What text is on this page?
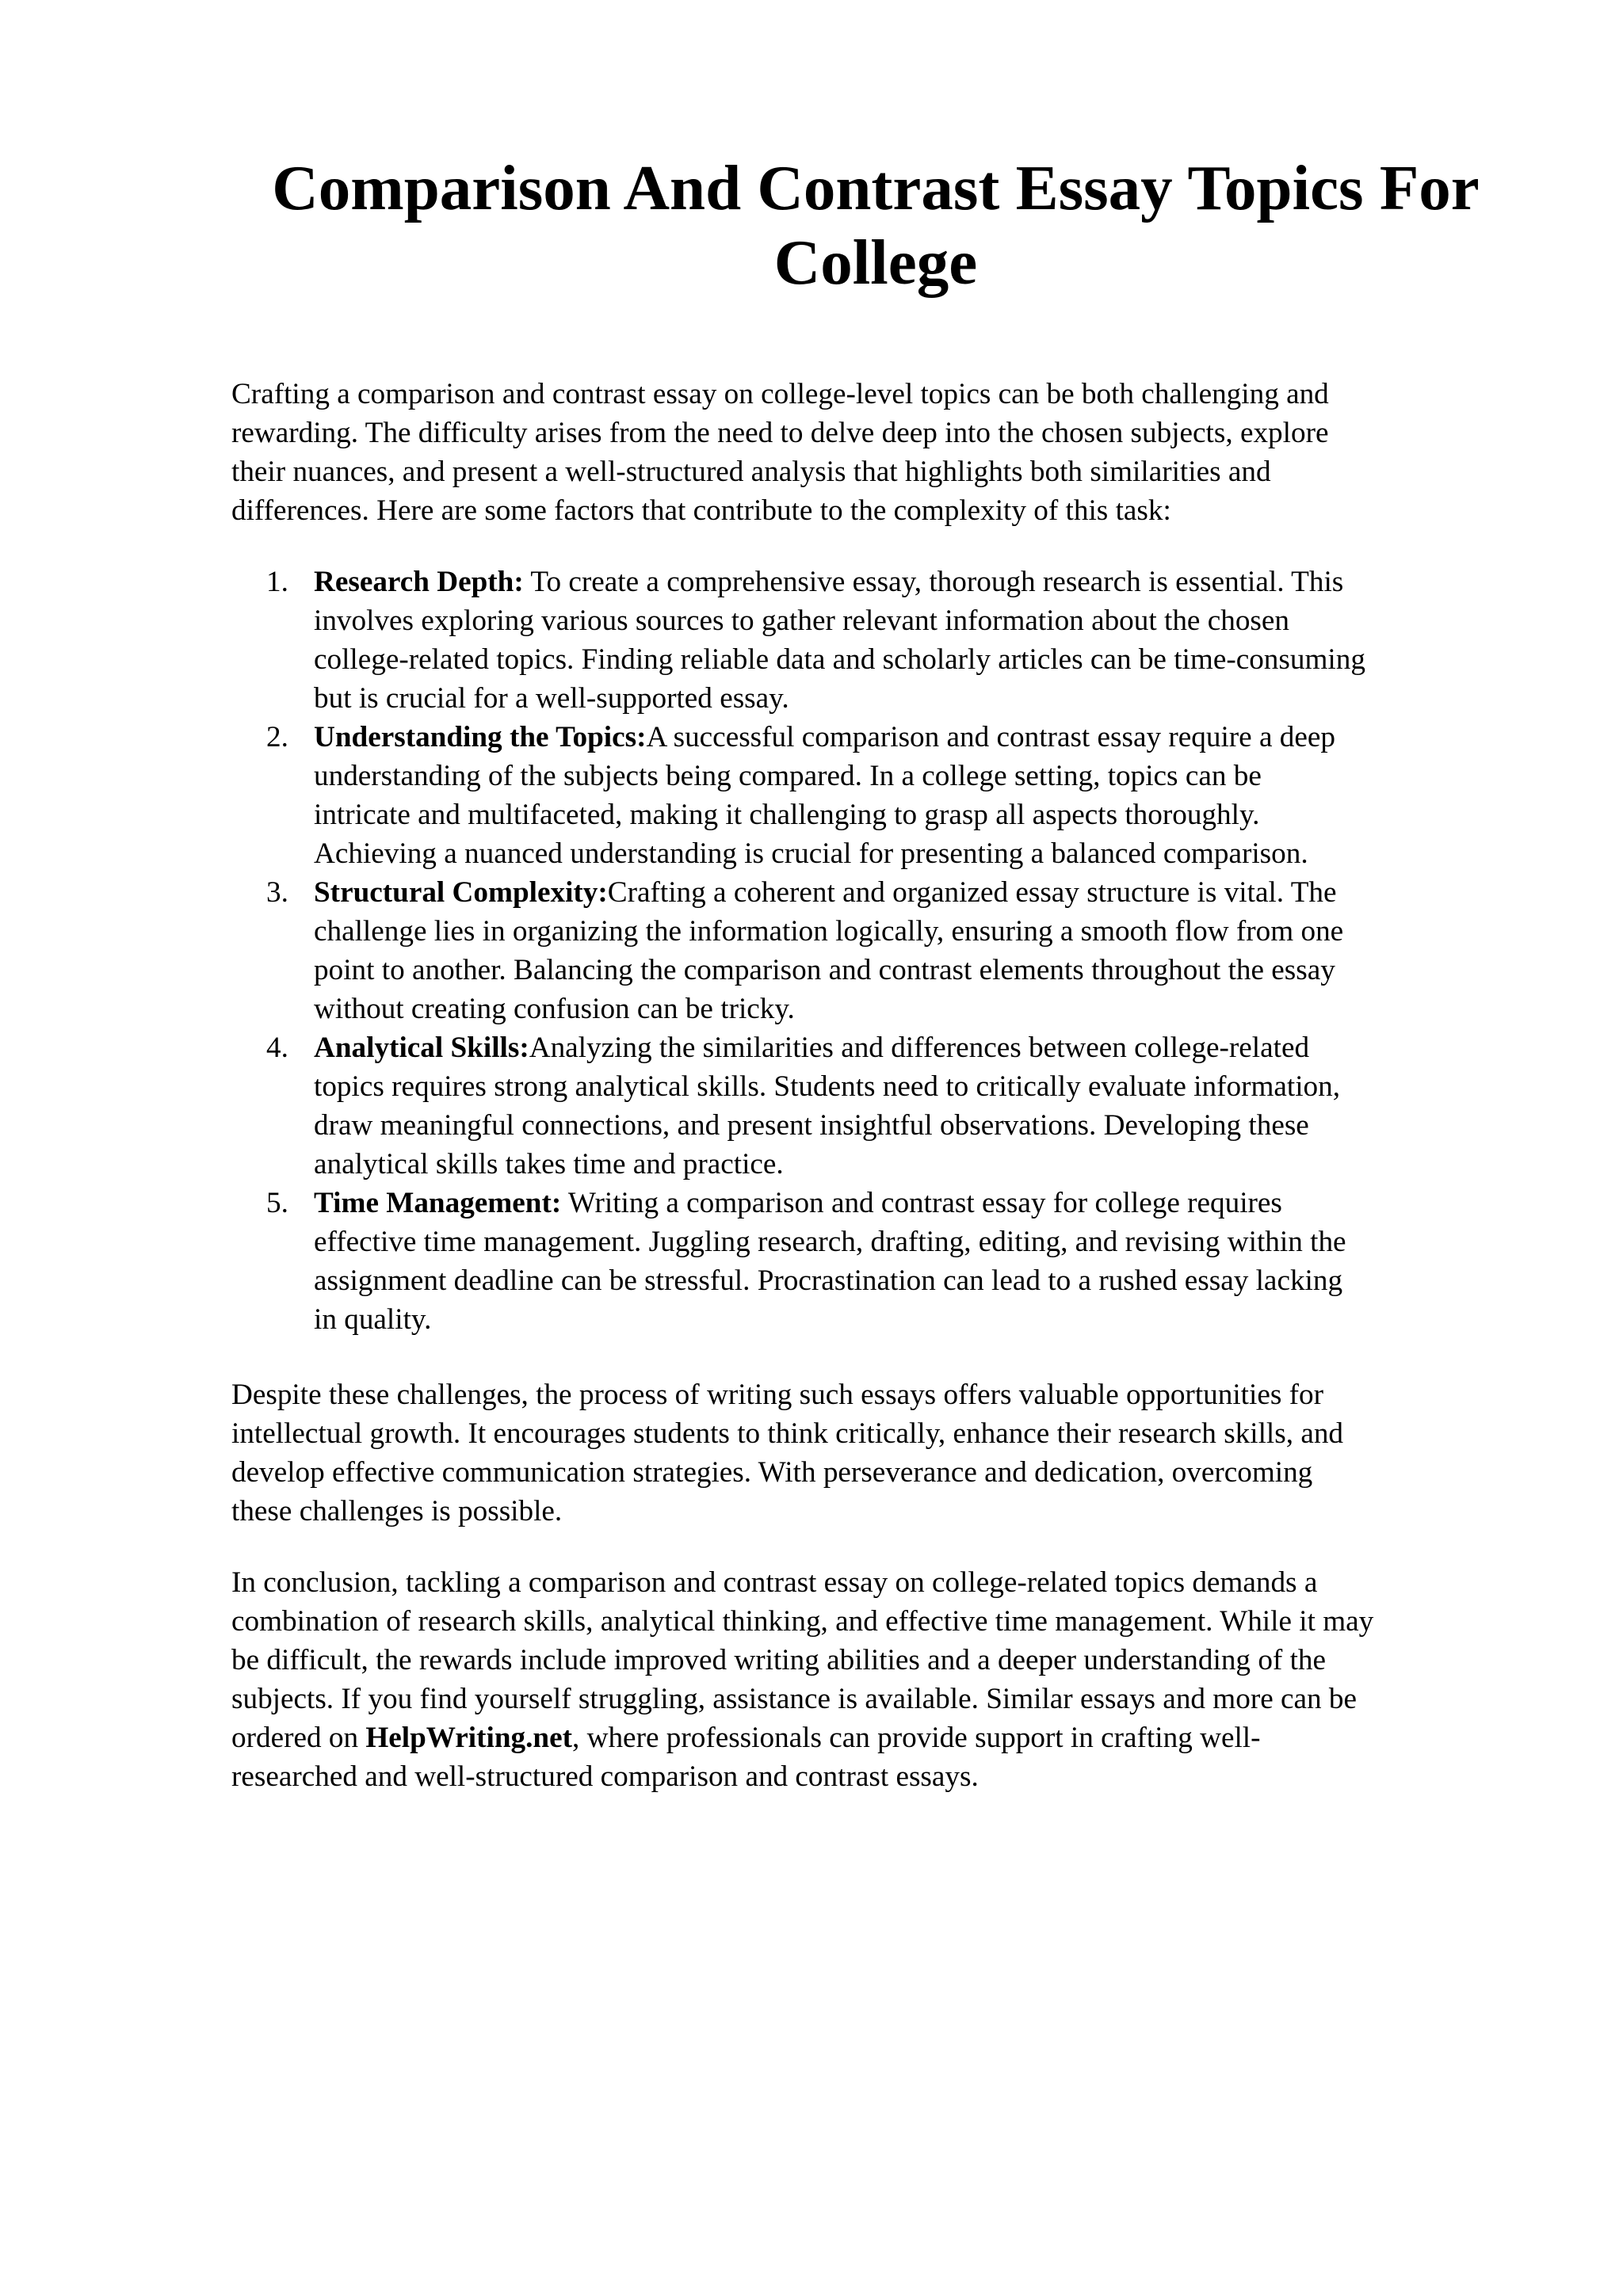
Comparison And Contrast Essay Topics For
College

Crafting a comparison and contrast essay on college-level topics can be both challenging and
rewarding. The difficulty arises from the need to delve deep into the chosen subjects, explore
their nuances, and present a well-structured analysis that highlights both similarities and
differences. Here are some factors that contribute to the complexity of this task:

1. Research Depth: To create a comprehensive essay, thorough research is essential. This
involves exploring various sources to gather relevant information about the chosen
college-related topics. Finding reliable data and scholarly articles can be time-consuming
but is crucial for a well-supported essay.
2. Understanding the Topics:A successful comparison and contrast essay require a deep
understanding of the subjects being compared. In a college setting, topics can be
intricate and multifaceted, making it challenging to grasp all aspects thoroughly.
Achieving a nuanced understanding is crucial for presenting a balanced comparison.
3. Structural Complexity:Crafting a coherent and organized essay structure is vital. The
challenge lies in organizing the information logically, ensuring a smooth flow from one
point to another. Balancing the comparison and contrast elements throughout the essay
without creating confusion can be tricky.
4. Analytical Skills:Analyzing the similarities and differences between college-related
topics requires strong analytical skills. Students need to critically evaluate information,
draw meaningful connections, and present insightful observations. Developing these
analytical skills takes time and practice.
5. Time Management: Writing a comparison and contrast essay for college requires
effective time management. Juggling research, drafting, editing, and revising within the
assignment deadline can be stressful. Procrastination can lead to a rushed essay lacking
in quality.

Despite these challenges, the process of writing such essays offers valuable opportunities for
intellectual growth. It encourages students to think critically, enhance their research skills, and
develop effective communication strategies. With perseverance and dedication, overcoming
these challenges is possible.

In conclusion, tackling a comparison and contrast essay on college-related topics demands a
combination of research skills, analytical thinking, and effective time management. While it may
be difficult, the rewards include improved writing abilities and a deeper understanding of the
subjects. If you find yourself struggling, assistance is available. Similar essays and more can be
ordered on HelpWriting.net, where professionals can provide support in crafting well-
researched and well-structured comparison and contrast essays.
